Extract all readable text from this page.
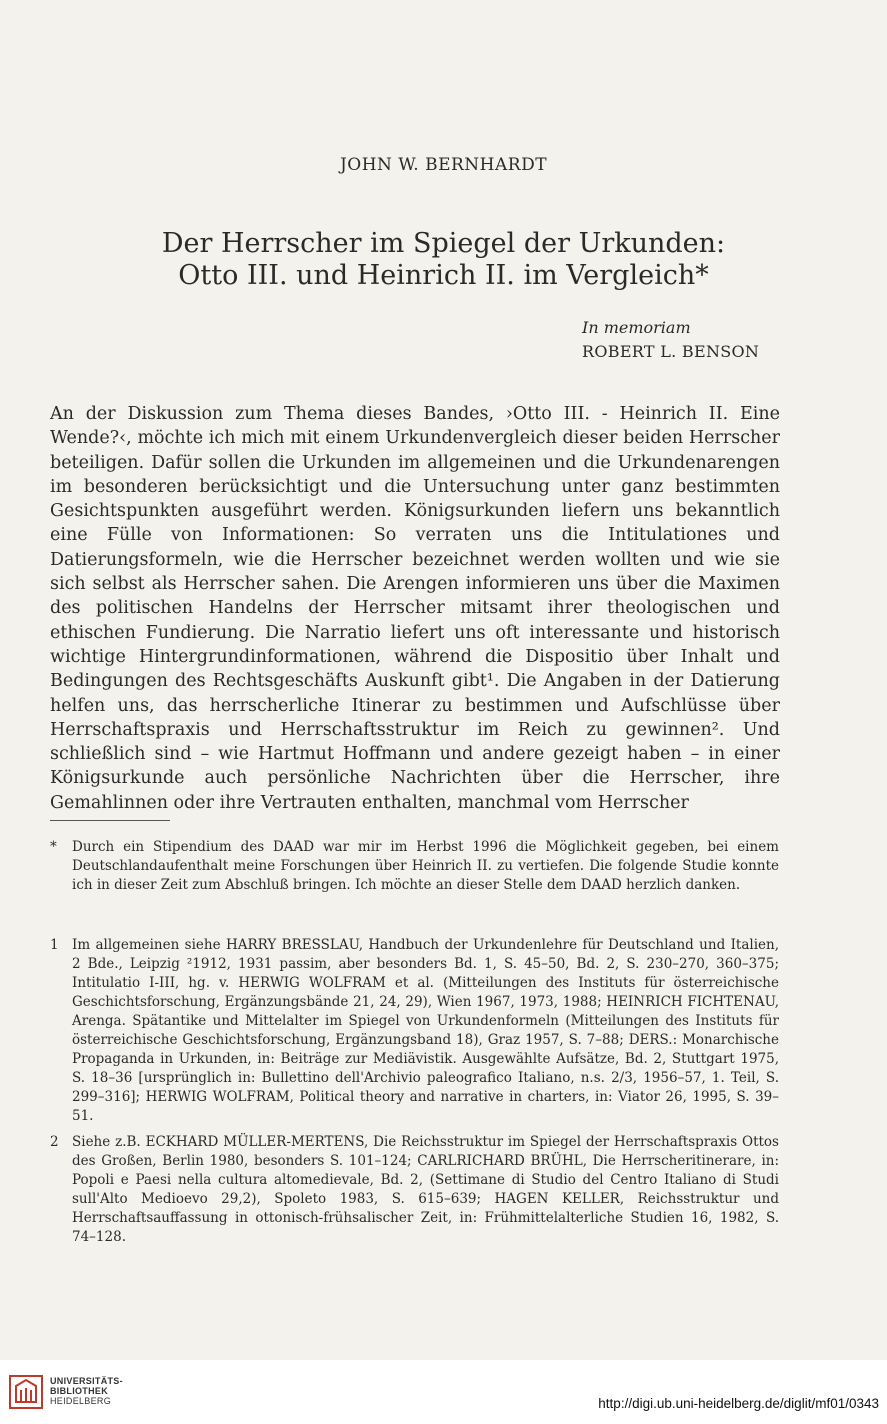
JOHN W. BERNHARDT
Der Herrscher im Spiegel der Urkunden:
Otto III. und Heinrich II. im Vergleich*
In memoriam
ROBERT L. BENSON

An der Diskussion zum Thema dieses Bandes, ›Otto III. - Heinrich II. Eine Wende?‹, möchte ich mich mit einem Urkundenvergleich dieser beiden Herrscher beteiligen. Dafür sollen die Urkunden im allgemeinen und die Urkundenarengen im besonderen berücksichtigt und die Untersuchung unter ganz bestimmten Gesichtspunkten ausgeführt werden. Königsurkunden liefern uns bekanntlich eine Fülle von Informationen: So verraten uns die Intitulationes und Datierungsformeln, wie die Herrscher bezeichnet werden wollten und wie sie sich selbst als Herrscher sahen. Die Arengen informieren uns über die Maximen des politischen Handelns der Herrscher mitsamt ihrer theologischen und ethischen Fundierung. Die Narratio liefert uns oft interessante und historisch wichtige Hintergrundinformationen, während die Dispositio über Inhalt und Bedingungen des Rechtsgeschäfts Auskunft gibt¹. Die Angaben in der Datierung helfen uns, das herrscherliche Itinerar zu bestimmen und Aufschlüsse über Herrschaftspraxis und Herrschaftsstruktur im Reich zu gewinnen². Und schließlich sind – wie Hartmut Hoffmann und andere gezeigt haben – in einer Königsurkunde auch persönliche Nachrichten über die Herrscher, ihre Gemahlinnen oder ihre Vertrauten enthalten, manchmal vom Herrscher

* Durch ein Stipendium des DAAD war mir im Herbst 1996 die Möglichkeit gegeben, bei einem Deutschlandaufenthalt meine Forschungen über Heinrich II. zu vertiefen. Die folgende Studie konnte ich in dieser Zeit zum Abschluß bringen. Ich möchte an dieser Stelle dem DAAD herzlich danken.
1 Im allgemeinen siehe HARRY BRESSLAU, Handbuch der Urkundenlehre für Deutschland und Italien, 2 Bde., Leipzig ²1912, 1931 passim, aber besonders Bd. 1, S. 45–50, Bd. 2, S. 230–270, 360–375; Intitulatio I-III, hg. v. HERWIG WOLFRAM et al. (Mitteilungen des Instituts für österreichische Geschichtsforschung, Ergänzungsbände 21, 24, 29), Wien 1967, 1973, 1988; HEINRICH FICHTENAU, Arenga. Spätantike und Mittelalter im Spiegel von Urkundenformeln (Mitteilungen des Instituts für österreichische Geschichtsforschung, Ergänzungsband 18), Graz 1957, S. 7–88; DERS.: Monarchische Propaganda in Urkunden, in: Beiträge zur Mediävistik. Ausgewählte Aufsätze, Bd. 2, Stuttgart 1975, S. 18–36 [ursprünglich in: Bullettino dell'Archivio paleografico Italiano, n.s. 2/3, 1956–57, 1. Teil, S. 299–316]; HERWIG WOLFRAM, Political theory and narrative in charters, in: Viator 26, 1995, S. 39–51.
2 Siehe z.B. ECKHARD MÜLLER-MERTENS, Die Reichsstruktur im Spiegel der Herrschaftspraxis Ottos des Großen, Berlin 1980, besonders S. 101–124; CARLRICHARD BRÜHL, Die Herrscheritinerare, in: Popoli e Paesi nella cultura altomedievale, Bd. 2, (Settimane di Studio del Centro Italiano di Studi sull'Alto Medioevo 29,2), Spoleto 1983, S. 615–639; HAGEN KELLER, Reichsstruktur und Herrschaftsauffassung in ottonisch-frühsalischer Zeit, in: Frühmittelalterliche Studien 16, 1982, S. 74–128.
UNIVERSITÄTS-
BIBLIOTHEK
HEIDELBERG	http://digi.ub.uni-heidelberg.de/diglit/mf01/0343
